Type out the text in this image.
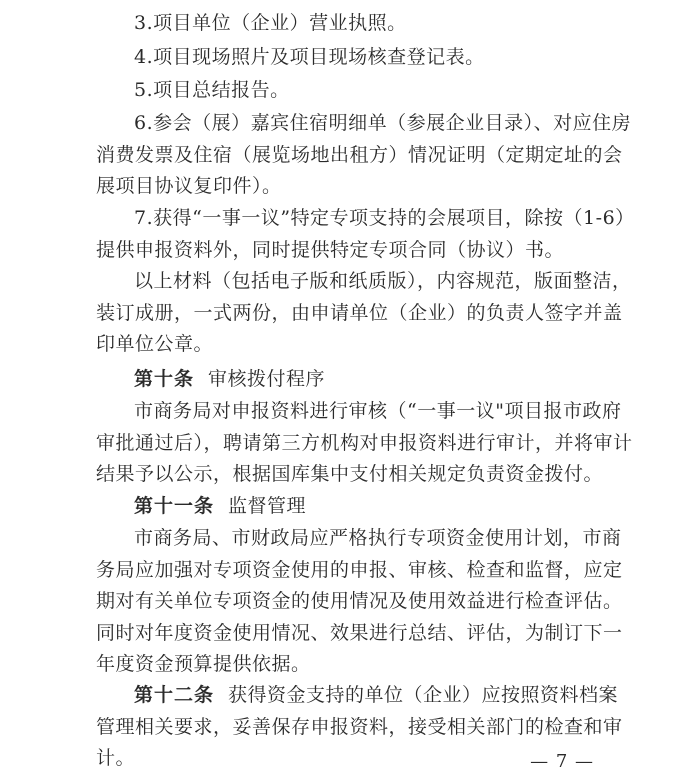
3.项目单位（企业）营业执照。

4.项目现场照片及项目现场核查登记表。

5.项目总结报告。

6.参会（展）嘉宾住宿明细单（参展企业目录）、对应住房消费发票及住宿（展览场地出租方）情况证明（定期定址的会展项目协议复印件）。

7.获得“一事一议”特定专项支持的会展项目，除按（1-6）提供申报资料外，同时提供特定专项合同（协议）书。

以上材料（包括电子版和纸质版），内容规范，版面整洁，装订成册，一式两份，由申请单位（企业）的负责人签字并盖印单位公章。

第十条 审核拨付程序

市商务局对申报资料进行审核（“一事一议"项目报市政府审批通过后），聘请第三方机构对申报资料进行审计，并将审计结果予以公示，根据国库集中支付相关规定负责资金拨付。

第十一条 监督管理

市商务局、市财政局应严格执行专项资金使用计划，市商务局应加强对专项资金使用的申报、审核、检查和监督，应定期对有关单位专项资金的使用情况及使用效益进行检查评估。同时对年度资金使用情况、效果进行总结、评估，为制订下一年度资金预算提供依据。

第十二条 获得资金支持的单位（企业）应按照资料档案管理相关要求，妥善保存申报资料，接受相关部门的检查和审计。	— 7 —
